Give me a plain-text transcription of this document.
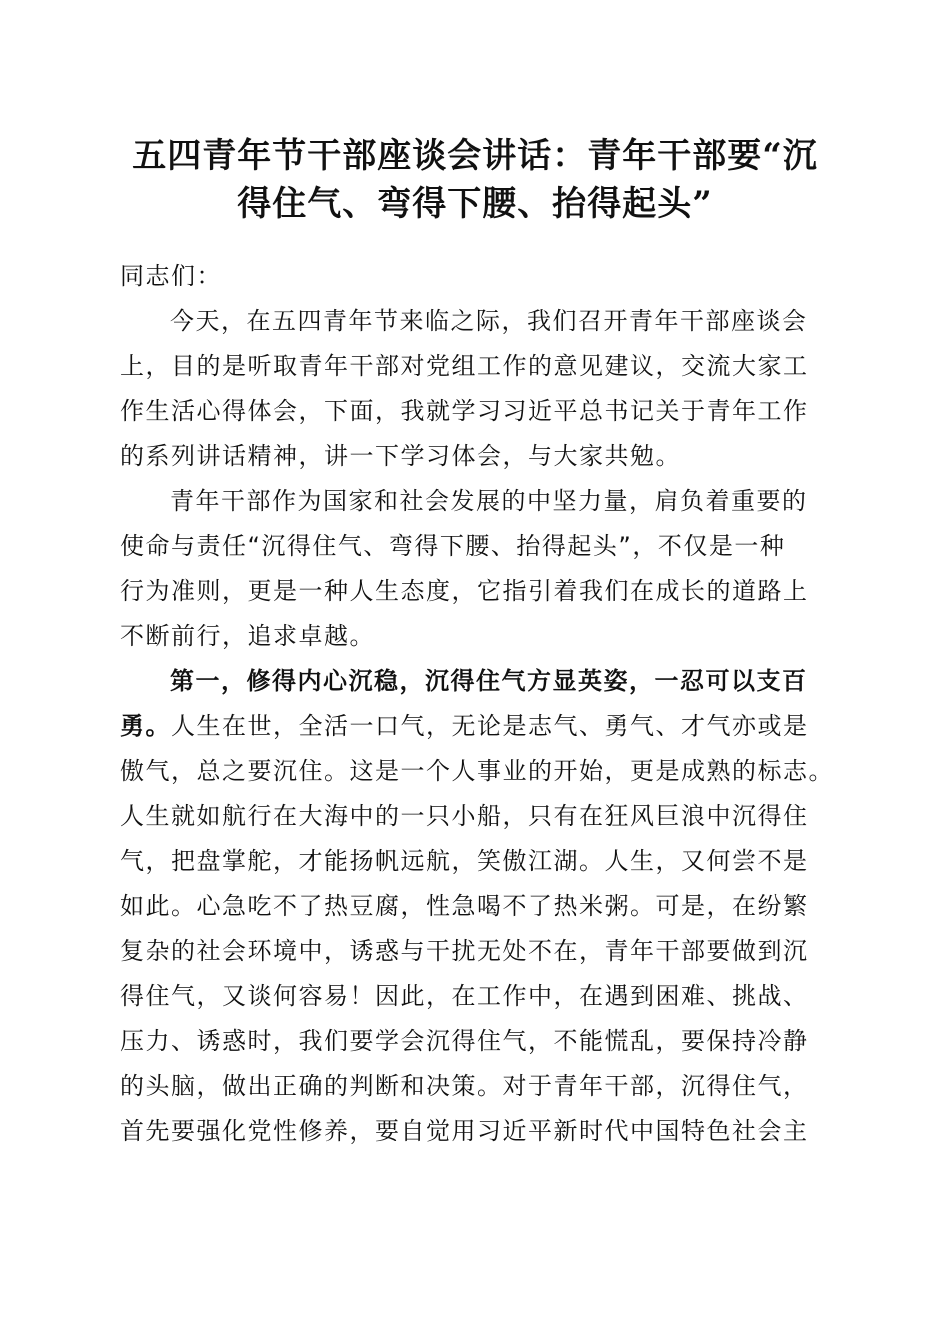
五四青年节干部座谈会讲话：青年干部要“沉
得住气、弯得下腰、抬得起头”
同志们：
今天，在五四青年节来临之际，我们召开青年干部座谈会
上，目的是听取青年干部对党组工作的意见建议，交流大家工
作生活心得体会，下面，我就学习习近平总书记关于青年工作
的系列讲话精神，讲一下学习体会，与大家共勉。
青年干部作为国家和社会发展的中坚力量，肩负着重要的
使命与责任“沉得住气、弯得下腰、抬得起头”，不仅是一种
行为准则，更是一种人生态度，它指引着我们在成长的道路上
不断前行，追求卓越。
第一，修得内心沉稳，沉得住气方显英姿，一忍可以支百
勇。人生在世，全活一口气，无论是志气、勇气、才气亦或是
傲气，总之要沉住。这是一个人事业的开始，更是成熟的标志。
人生就如航行在大海中的一只小船，只有在狂风巨浪中沉得住
气，把盘掌舵，才能扬帆远航，笑傲江湖。人生，又何尝不是
如此。心急吃不了热豆腐，性急喝不了热米粥。可是，在纷繁
复杂的社会环境中，诱惑与干扰无处不在，青年干部要做到沉
得住气，又谈何容易！因此，在工作中，在遇到困难、挑战、
压力、诱惑时，我们要学会沉得住气，不能慌乱，要保持冷静
的头脑，做出正确的判断和决策。对于青年干部，沉得住气，
首先要强化党性修养，要自觉用习近平新时代中国特色社会主
